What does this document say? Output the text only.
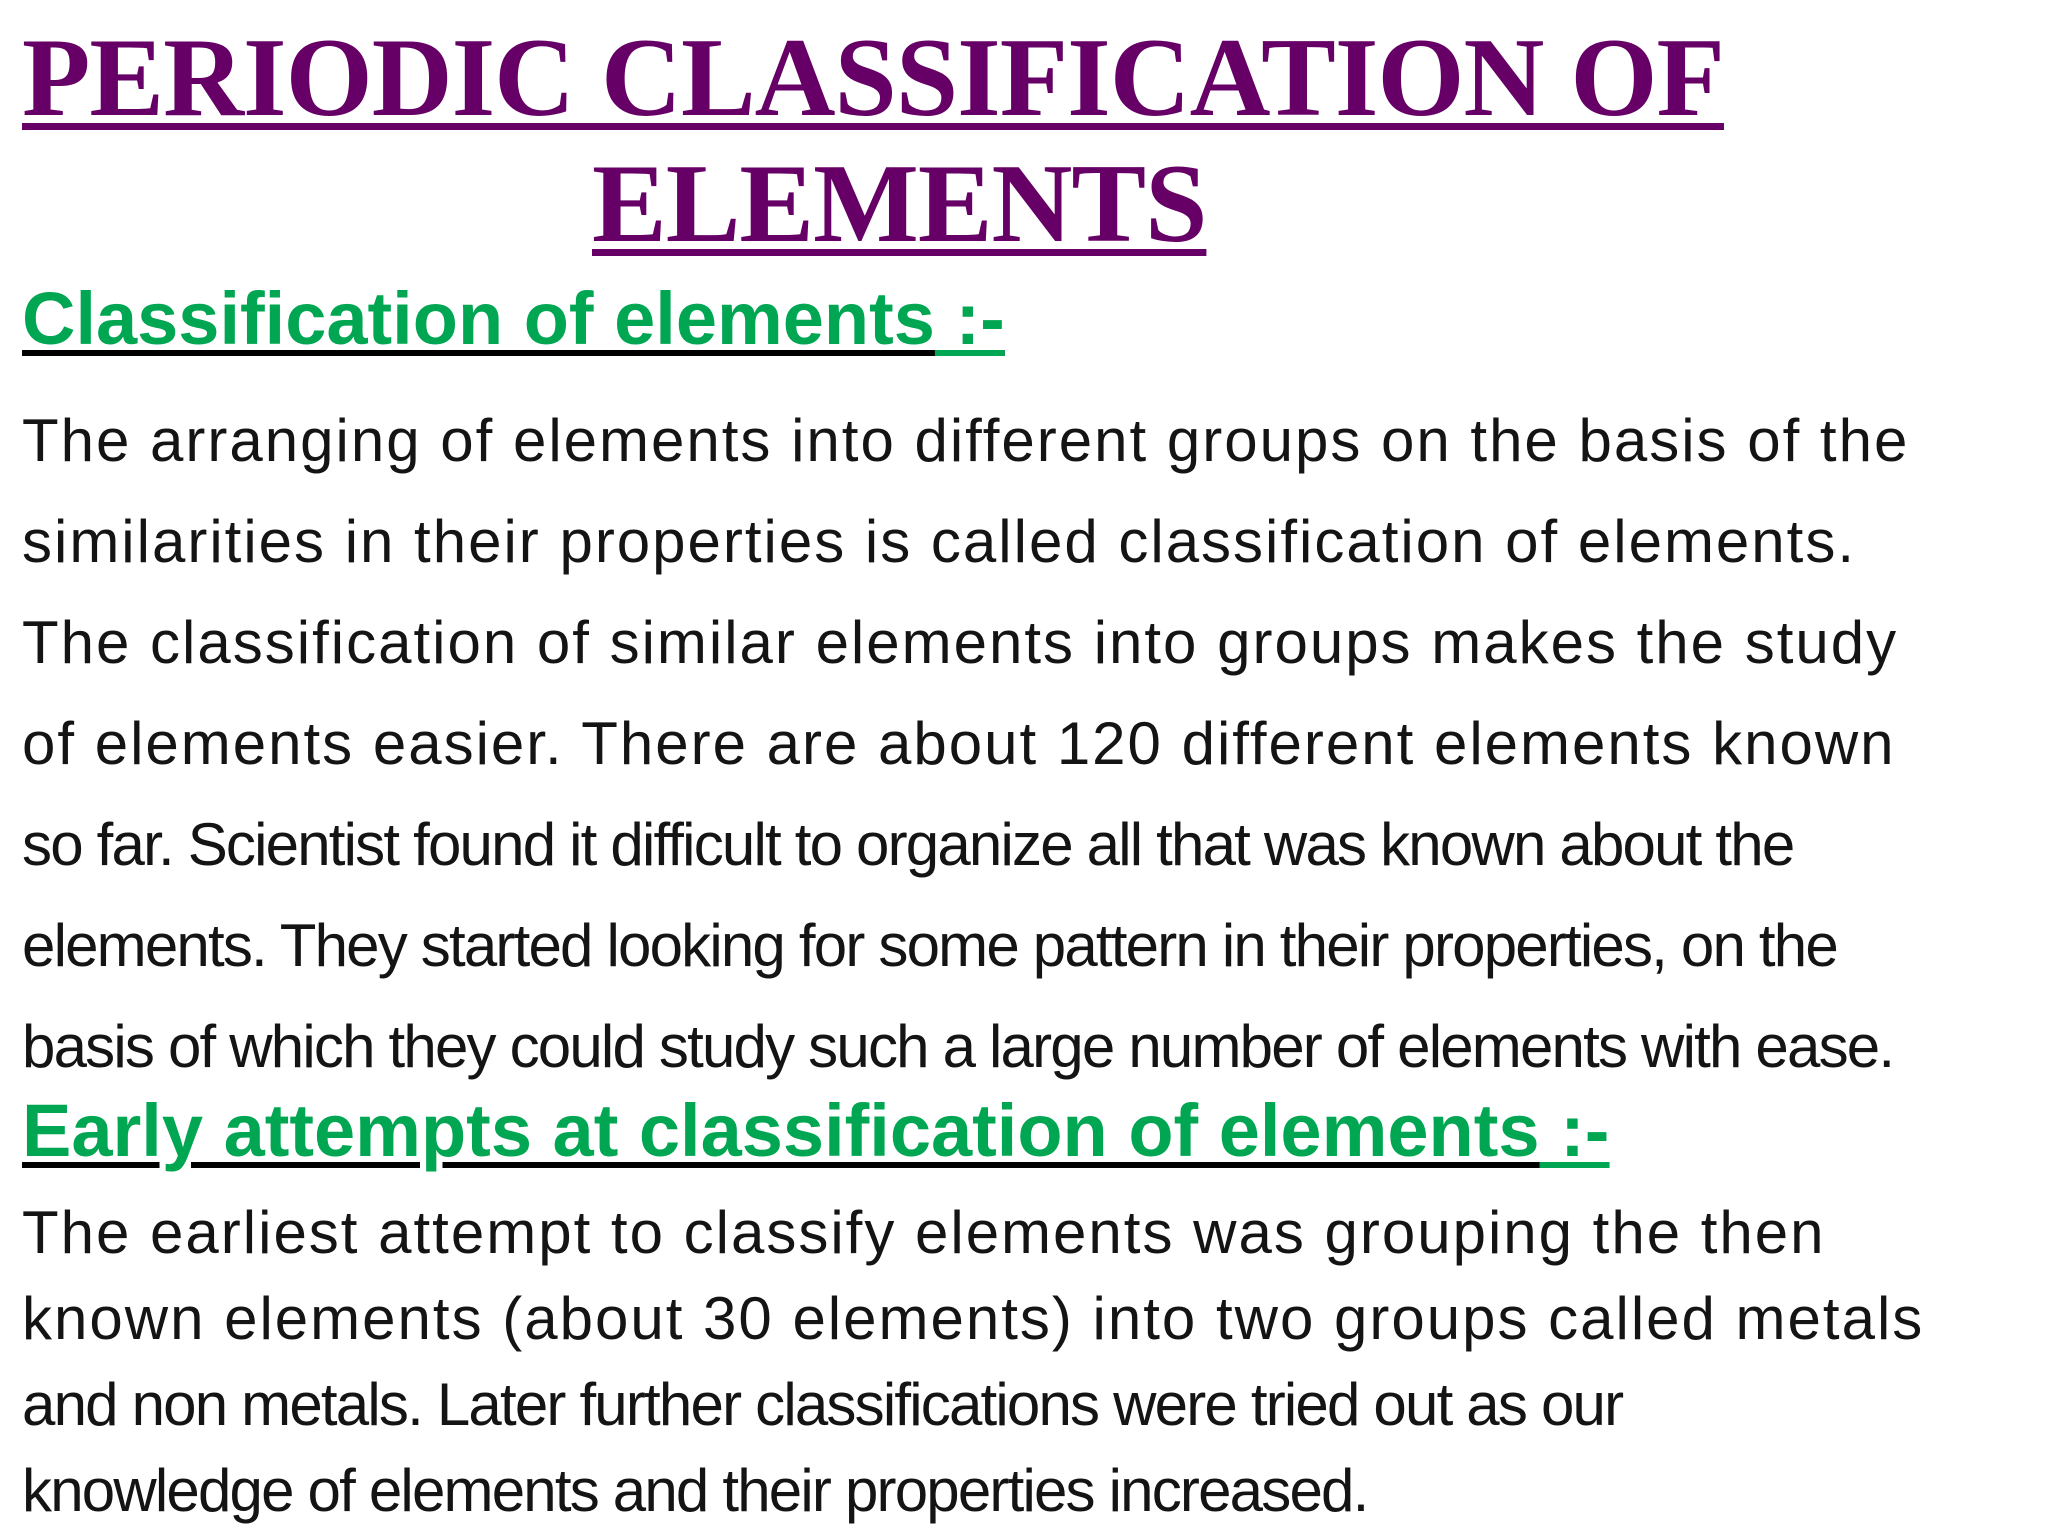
PERIODIC CLASSIFICATION OF
ELEMENTS
Classification of elements :-
The arranging of elements into different groups on the basis of the
similarities in their properties is called classification of elements.
The classification of similar elements into groups makes the study
of elements easier. There are about 120 different elements known
so far. Scientist found it difficult to organize all that was known about the
elements. They started looking for some pattern in their properties, on the
basis of which they could study such a large number of elements with ease.
Early attempts at classification of elements :-
The earliest attempt to classify elements was grouping the then
known elements (about 30 elements) into two groups called metals
and non metals. Later further classifications were tried out as our
knowledge of elements and their properties increased.
